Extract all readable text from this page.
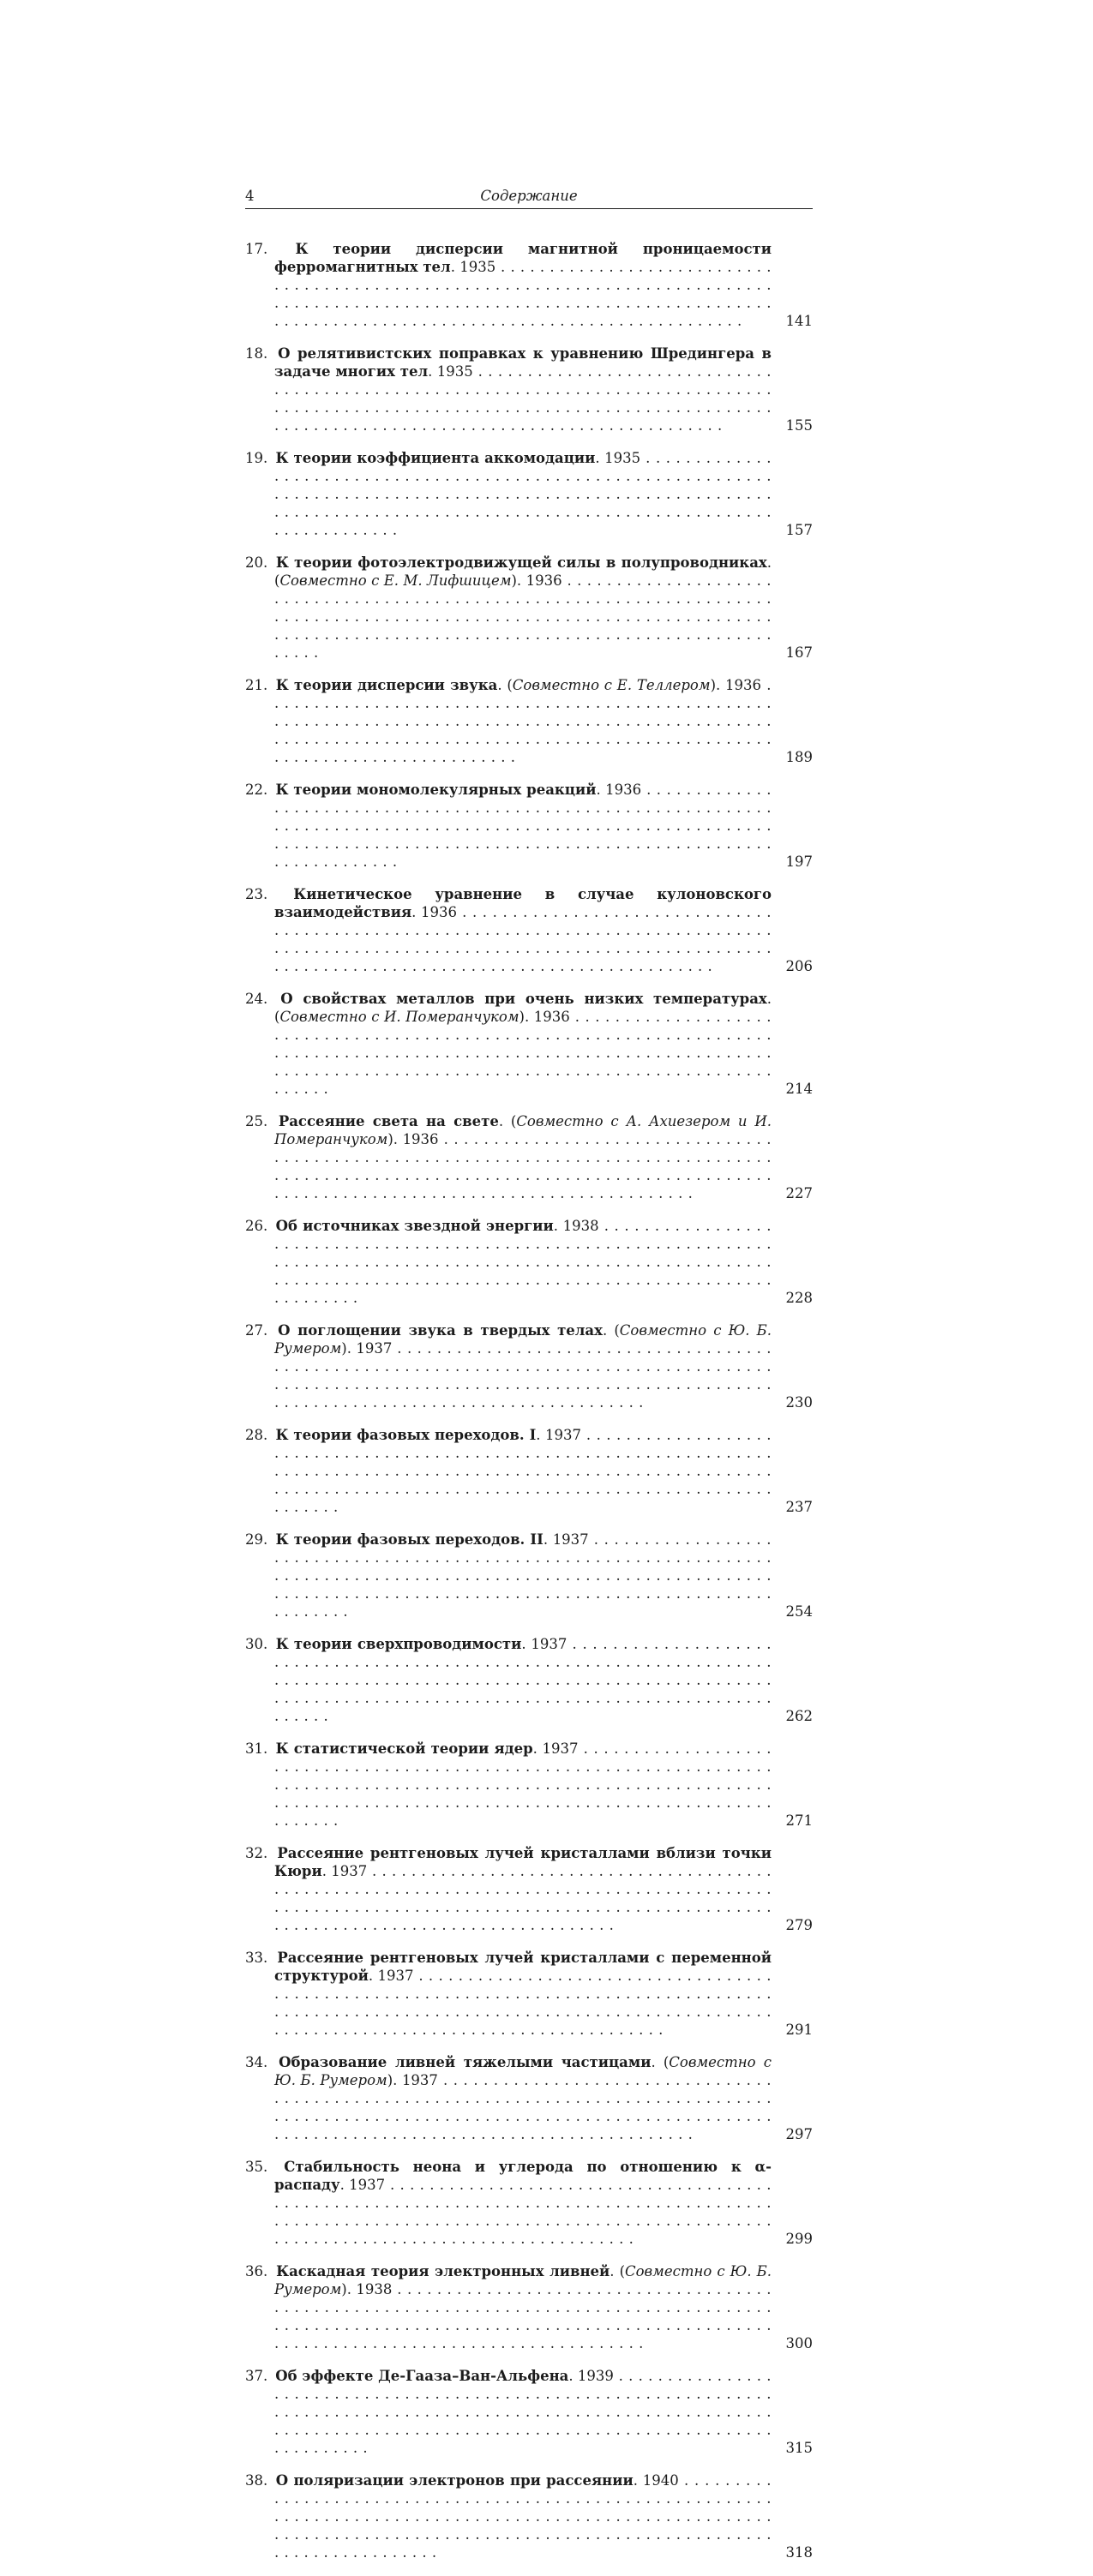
4	Содержание
17. К теории дисперсии магнитной проницаемости ферромагнитных тел. 1935 . . .
141
18. О релятивистских поправках к уравнению Шредингера в задаче многих тел. 1935 . . .
155
19. К теории коэффициента аккомодации. 1935 . . .
157
20. К теории фотоэлектродвижущей силы в полупроводниках. (Совместно с Е. М. Лифшицем). 1936 . . .
167
21. К теории дисперсии звука. (Совместно с Е. Теллером). 1936 . . .
189
22. К теории мономолекулярных реакций. 1936 . . .
197
23. Кинетическое уравнение в случае кулоновского взаимодействия. 1936 . . .
206
24. О свойствах металлов при очень низких температурах. (Совместно с И. Померанчуком). 1936 . . .
214
25. Рассеяние света на свете. (Совместно с А. Ахиезером и И. Померанчуком). 1936 . . .
227
26. Об источниках звездной энергии. 1938 . . .
228
27. О поглощении звука в твердых телах. (Совместно с Ю. Б. Румером). 1937 . . .
230
28. К теории фазовых переходов. I. 1937 . . .
237
29. К теории фазовых переходов. II. 1937 . . .
254
30. К теории сверхпроводимости. 1937 . . .
262
31. К статистической теории ядер. 1937 . . .
271
32. Рассеяние рентгеновых лучей кристаллами вблизи точки Кюри. 1937 . . .
279
33. Рассеяние рентгеновых лучей кристаллами с переменной структурой. 1937 . . .
291
34. Образование ливней тяжелыми частицами. (Совместно с Ю. Б. Румером). 1937 . . .
297
35. Стабильность неона и углерода по отношению к α-распаду. 1937 . . .
299
36. Каскадная теория электронных ливней. (Совместно с Ю. Б. Румером). 1938 . . .
300
37. Об эффекте Де-Гааза–Ван-Альфена. 1939 . . .
315
38. О поляризации электронов при рассеянии. 1940 . . .
318
